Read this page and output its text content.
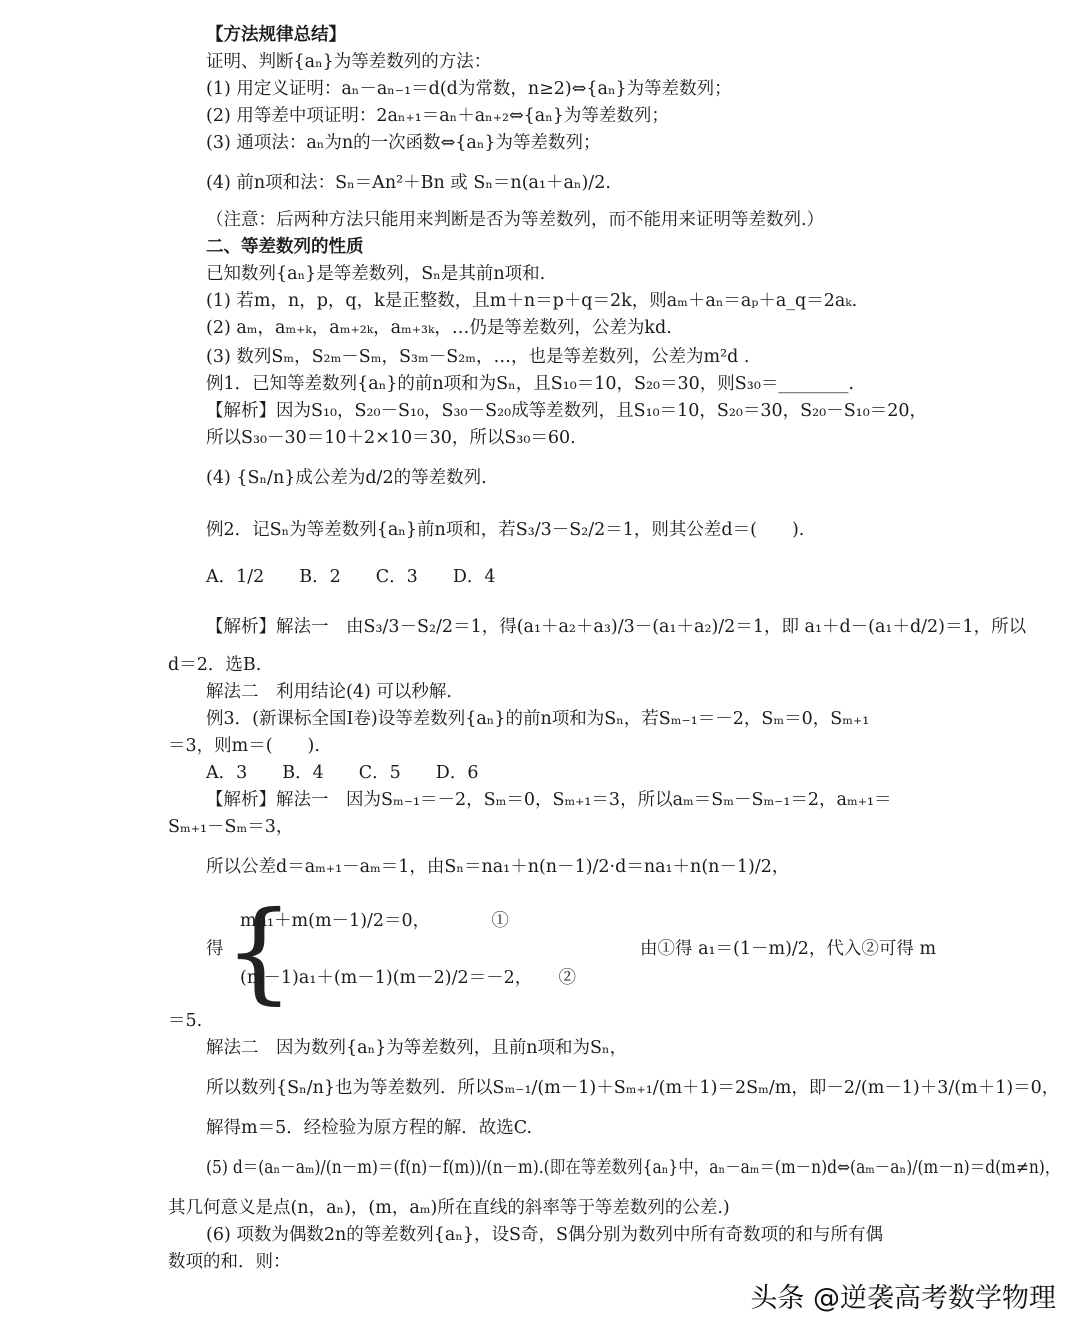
【方法规律总结】
证明、判断{aₙ}为等差数列的方法：
(1) 用定义证明：aₙ－aₙ₋₁＝d(d为常数，n≥2)⇔{aₙ}为等差数列；
(2) 用等差中项证明：2aₙ₊₁＝aₙ＋aₙ₊₂⇔{aₙ}为等差数列；
(3) 通项法：aₙ为n的一次函数⇔{aₙ}为等差数列；
(4) 前n项和法：Sₙ＝An²＋Bn 或 Sₙ＝n(a₁＋aₙ)/2.
（注意：后两种方法只能用来判断是否为等差数列，而不能用来证明等差数列.）
二、等差数列的性质
已知数列{aₙ}是等差数列，Sₙ是其前n项和.
(1) 若m，n，p，q，k是正整数，且m＋n＝p＋q＝2k，则aₘ＋aₙ＝aₚ＋a_q＝2aₖ.
(2) aₘ，aₘ₊ₖ，aₘ₊₂ₖ，aₘ₊₃ₖ，…仍是等差数列，公差为kd.
(3) 数列Sₘ，S₂ₘ－Sₘ，S₃ₘ－S₂ₘ，…，也是等差数列，公差为m²d .
例1．已知等差数列{aₙ}的前n项和为Sₙ，且S₁₀＝10，S₂₀＝30，则S₃₀＝________.
【解析】因为S₁₀，S₂₀－S₁₀，S₃₀－S₂₀成等差数列，且S₁₀＝10，S₂₀＝30，S₂₀－S₁₀＝20，
所以S₃₀－30＝10＋2×10＝30，所以S₃₀＝60.
(4) {Sₙ/n}成公差为d/2的等差数列.
例2．记Sₙ为等差数列{aₙ}前n项和，若S₃/3－S₂/2＝1，则其公差d＝(　　).
A．1/2　　B．2　　C．3　　D．4
【解析】解法一　由S₃/3－S₂/2＝1，得(a₁＋a₂＋a₃)/3－(a₁＋a₂)/2＝1，即 a₁＋d－(a₁＋d/2)＝1，所以
d＝2．选B.
解法二　利用结论(4) 可以秒解.
例3．(新课标全国Ⅰ卷)设等差数列{aₙ}的前n项和为Sₙ，若Sₘ₋₁＝－2，Sₘ＝0，Sₘ₊₁
＝3，则m＝(　　).
A．3　　B．4　　C．5　　D．6
【解析】解法一　因为Sₘ₋₁＝－2，Sₘ＝0，Sₘ₊₁＝3，所以aₘ＝Sₘ－Sₘ₋₁＝2，aₘ₊₁＝
Sₘ₊₁－Sₘ＝3，
所以公差d＝aₘ₊₁－aₘ＝1，由Sₙ＝na₁＋n(n－1)/2·d＝na₁＋n(n－1)/2，
{
ma₁＋m(m－1)/2＝0，　　　　①
得	由①得 a₁＝(1－m)/2，代入②可得 m
(m－1)a₁＋(m－1)(m－2)/2＝－2，　　②
＝5.
解法二　因为数列{aₙ}为等差数列，且前n项和为Sₙ，
所以数列{Sₙ/n}也为等差数列．所以Sₘ₋₁/(m－1)＋Sₘ₊₁/(m＋1)＝2Sₘ/m，即－2/(m－1)＋3/(m＋1)＝0，
解得m＝5．经检验为原方程的解．故选C.
(5) d＝(aₙ－aₘ)/(n－m)＝(f(n)－f(m))/(n－m).(即在等差数列{aₙ}中，aₙ－aₘ＝(m－n)d⇔(aₘ－aₙ)/(m－n)＝d(m≠n)，
其几何意义是点(n，aₙ)，(m，aₘ)所在直线的斜率等于等差数列的公差.)
(6) 项数为偶数2n的等差数列{aₙ}，设S奇，S偶分别为数列中所有奇数项的和与所有偶
数项的和．则：
头条 @逆袭高考数学物理
